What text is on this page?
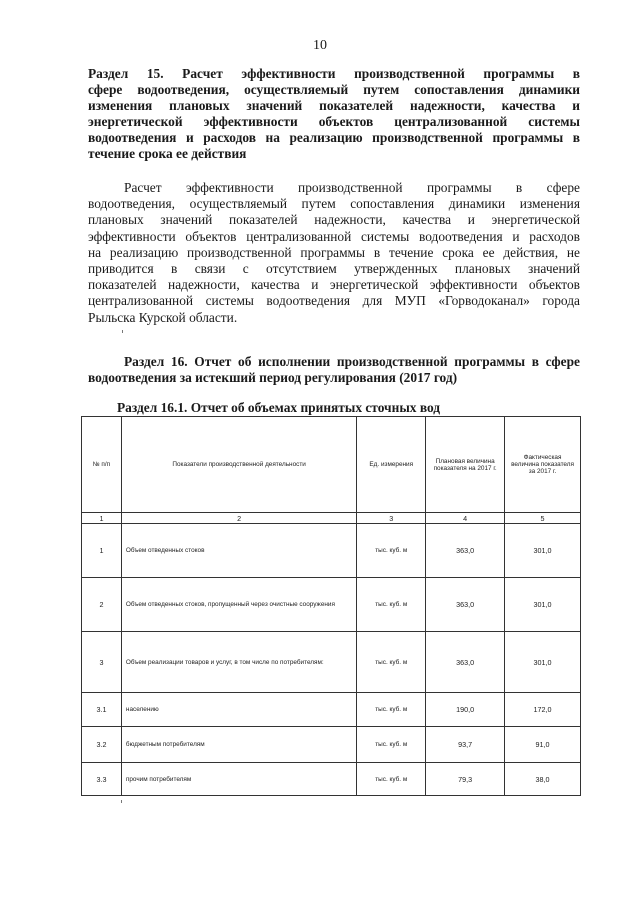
10
Раздел 15. Расчет эффективности производственной программы в
сфере водоотведения, осуществляемый путем сопоставления динамики
изменения плановых значений показателей надежности, качества и
энергетической эффективности объектов централизованной системы
водоотведения и расходов на реализацию производственной программы в
течение срока ее действия
Расчет эффективности производственной программы в сфере
водоотведения, осуществляемый путем сопоставления динамики изменения
плановых значений показателей надежности, качества и энергетической
эффективности объектов централизованной системы водоотведения и расходов
на реализацию производственной программы в течение срока ее действия, не
приводится в связи с отсутствием утвержденных плановых значений
показателей надежности, качества и энергетической эффективности объектов
централизованной системы водоотведения для МУП «Горводоканал» города
Рыльска Курской области.
Раздел 16. Отчет об исполнении производственной программы в сфере
водоотведения за истекший период регулирования (2017 год)
Раздел 16.1. Отчет об объемах принятых сточных вод
№ п/п	Показатели производственной деятельности	Ед. измерения	Плановая величина показателя на 2017 г.	Фактическая величина показателя за 2017 г.
1	2	3	4	5
1	Объем отведенных стоков	тыс. куб. м	363,0	301,0
2	Объем отведенных стоков, пропущенный через очистные сооружения	тыс. куб. м	363,0	301,0
3	Объем реализации товаров и услуг, в том числе по потребителям:	тыс. куб. м	363,0	301,0
3.1	населению	тыс. куб. м	190,0	172,0
3.2	бюджетным потребителям	тыс. куб. м	93,7	91,0
3.3	прочим потребителям	тыс. куб. м	79,3	38,0
